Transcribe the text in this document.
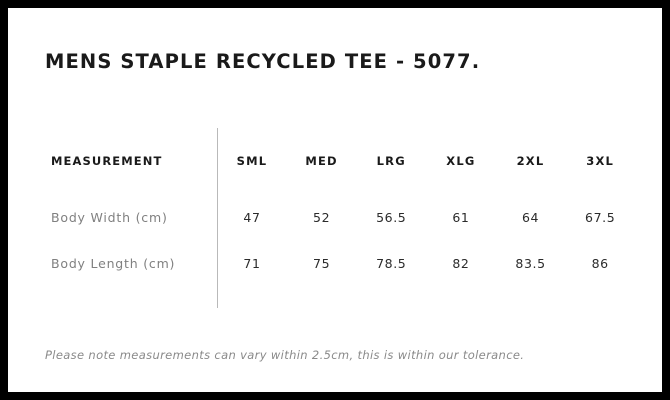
MENS STAPLE RECYCLED TEE - 5077.
MEASUREMENT	SML	MED	LRG	XLG	2XL	3XL
Body Width (cm)	47	52	56.5	61	64	67.5
Body Length (cm)	71	75	78.5	82	83.5	86
Please note measurements can vary within 2.5cm, this is within our tolerance.
